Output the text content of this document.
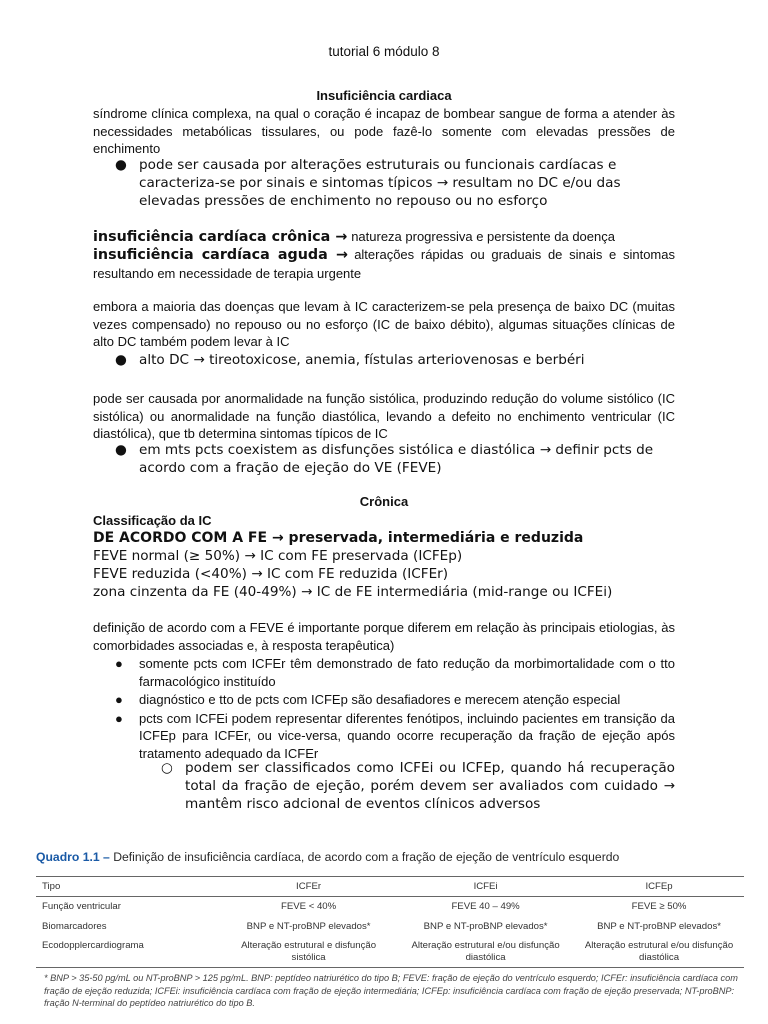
tutorial 6 módulo 8
Insuficiência cardiaca
síndrome clínica complexa, na qual o coração é incapaz de bombear sangue de forma a atender às necessidades metabólicas tissulares, ou pode fazê-lo somente com elevadas pressões de enchimento
● pode ser causada por alterações estruturais ou funcionais cardíacas e caracteriza-se por sinais e sintomas típicos → resultam no DC e/ou das elevadas pressões de enchimento no repouso ou no esforço
insuficiência cardíaca crônica → natureza progressiva e persistente da doença
insuficiência cardíaca aguda → alterações rápidas ou graduais de sinais e sintomas resultando em necessidade de terapia urgente
embora a maioria das doenças que levam à IC caracterizem-se pela presença de baixo DC (muitas vezes compensado) no repouso ou no esforço (IC de baixo débito), algumas situações clínicas de alto DC também podem levar à IC
● alto DC → tireotoxicose, anemia, fístulas arteriovenosas e berbéri
pode ser causada por anormalidade na função sistólica, produzindo redução do volume sistólico (IC sistólica) ou anormalidade na função diastólica, levando a defeito no enchimento ventricular (IC diastólica), que tb determina sintomas típicos de IC
● em mts pcts coexistem as disfunções sistólica e diastólica → definir pcts de acordo com a fração de ejeção do VE (FEVE)
Crônica
Classificação da IC
DE ACORDO COM A FE → preservada, intermediária e reduzida
FEVE normal (≥ 50%) → IC com FE preservada (ICFEp)
FEVE reduzida (<40%) → IC com FE reduzida (ICFEr)
zona cinzenta da FE (40-49%) → IC de FE intermediária (mid-range ou ICFEi)
definição de acordo com a FEVE é importante porque diferem em relação às principais etiologias, às comorbidades associadas e, à resposta terapêutica)
● somente pcts com ICFEr têm demonstrado de fato redução da morbimortalidade com o tto farmacológico instituído
● diagnóstico e tto de pcts com ICFEp são desafiadores e merecem atenção especial
● pcts com ICFEi podem representar diferentes fenótipos, incluindo pacientes em transição da ICFEp para ICFEr, ou vice-versa, quando ocorre recuperação da fração de ejeção após tratamento adequado da ICFEr
○ podem ser classificados como ICFEi ou ICFEp, quando há recuperação total da fração de ejeção, porém devem ser avaliados com cuidado → mantêm risco adcional de eventos clínicos adversos
Quadro 1.1 – Definição de insuficiência cardíaca, de acordo com a fração de ejeção de ventrículo esquerdo
Tipo	ICFEr	ICFEi	ICFEp
Função ventricular	FEVE < 40%	FEVE 40 – 49%	FEVE ≥ 50%
Biomarcadores	BNP e NT-proBNP elevados*	BNP e NT-proBNP elevados*	BNP e NT-proBNP elevados*
Ecodopplercardiograma	Alteração estrutural e disfunção sistólica	Alteração estrutural e/ou disfunção diastólica	Alteração estrutural e/ou disfunção diastólica
* BNP > 35-50 pg/mL ou NT-proBNP > 125 pg/mL. BNP: peptídeo natriurético do tipo B; FEVE: fração de ejeção do ventrículo esquerdo; ICFEr: insuficiência cardíaca com fração de ejeção reduzida; ICFEi: insuficiência cardíaca com fração de ejeção intermediária; ICFEp: insuficiência cardíaca com fração de ejeção preservada; NT-proBNP: fração N-terminal do peptídeo natriurético do tipo B.
